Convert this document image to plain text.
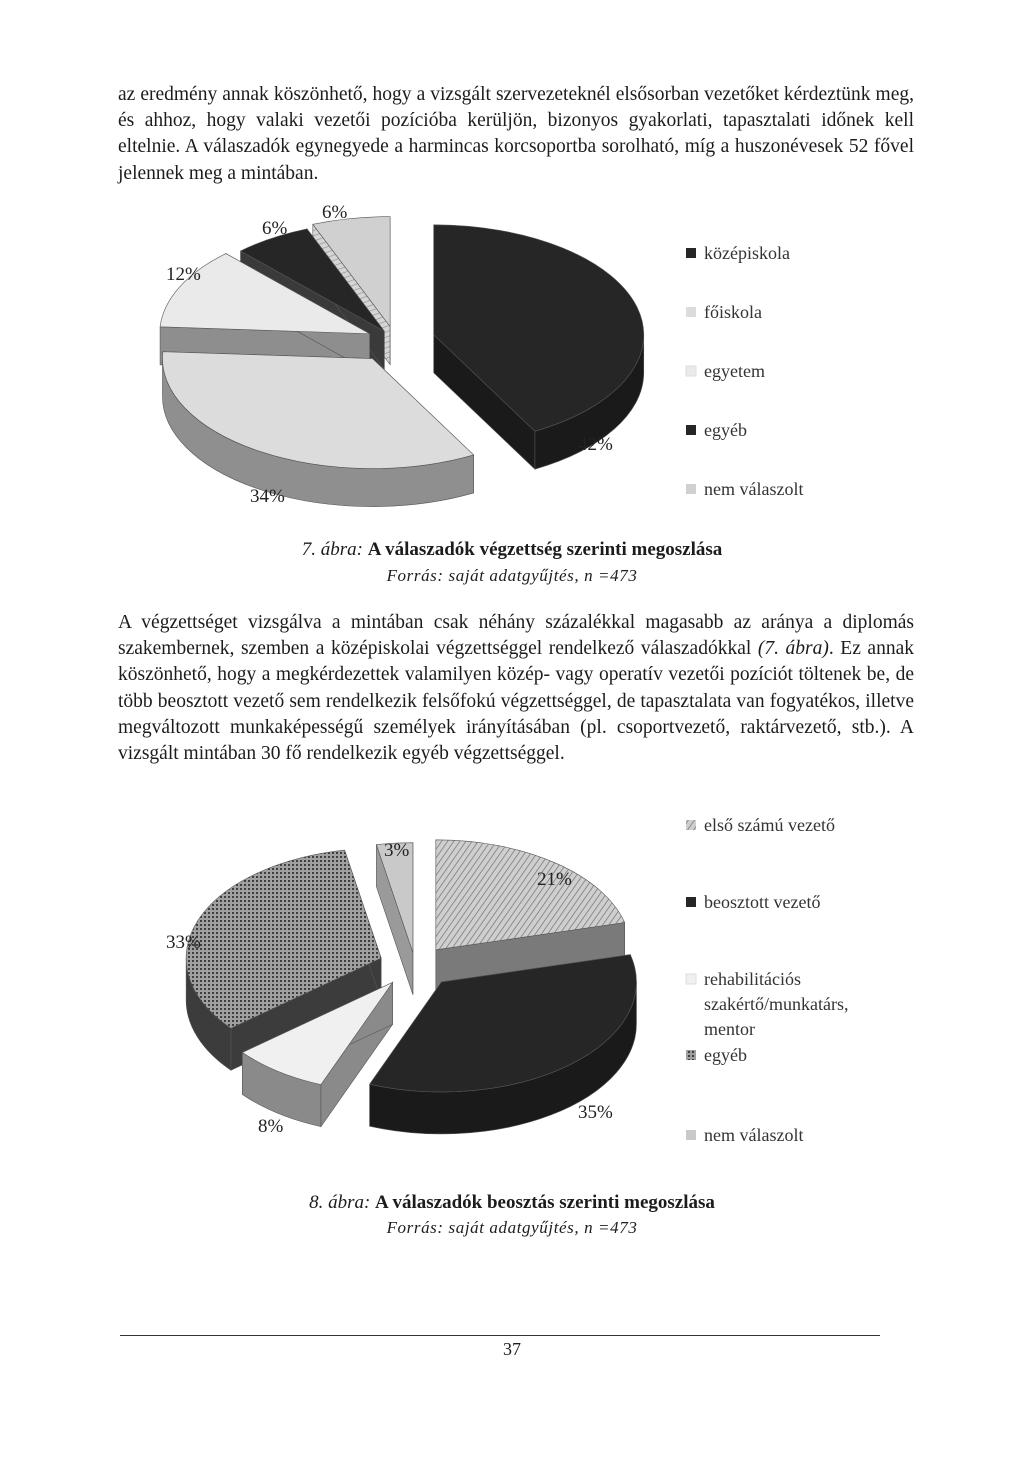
az eredmény annak köszönhető, hogy a vizsgált szervezeteknél elsősorban vezetőket kérdeztünk meg, és ahhoz, hogy valaki vezetői pozícióba kerüljön, bizonyos gyakorlati, tapasztalati időnek kell eltelnie. A válaszadók egynegyede a harmincas korcsoportba sorolható, míg a huszonévesek 52 fővel jelennek meg a mintában.
42%
34%
12%
6%
6%
középiskola
főiskola
egyetem
egyéb
nem válaszolt
7. ábra: A válaszadók végzettség szerinti megoszlása
Forrás: saját adatgyűjtés, n =473
A végzettséget vizsgálva a mintában csak néhány százalékkal magasabb az aránya a diplomás szakembernek, szemben a középiskolai végzettséggel rendelkező válaszadókkal (7. ábra). Ez annak köszönhető, hogy a megkérdezettek valamilyen közép- vagy operatív vezetői pozíciót töltenek be, de több beosztott vezető sem rendelkezik felsőfokú végzettséggel, de tapasztalata van fogyatékos, illetve megváltozott munkaképességű személyek irányításában (pl. csoportvezető, raktárvezető, stb.). A vizsgált mintában 30 fő rendelkezik egyéb végzettséggel.
21%
35%
8%
33%
3%
első számú vezető
beosztott vezető
rehabilitációs
szakértő/munkatárs,
mentor
egyéb
nem válaszolt
8. ábra: A válaszadók beosztás szerinti megoszlása
Forrás: saját adatgyűjtés, n =473
37
